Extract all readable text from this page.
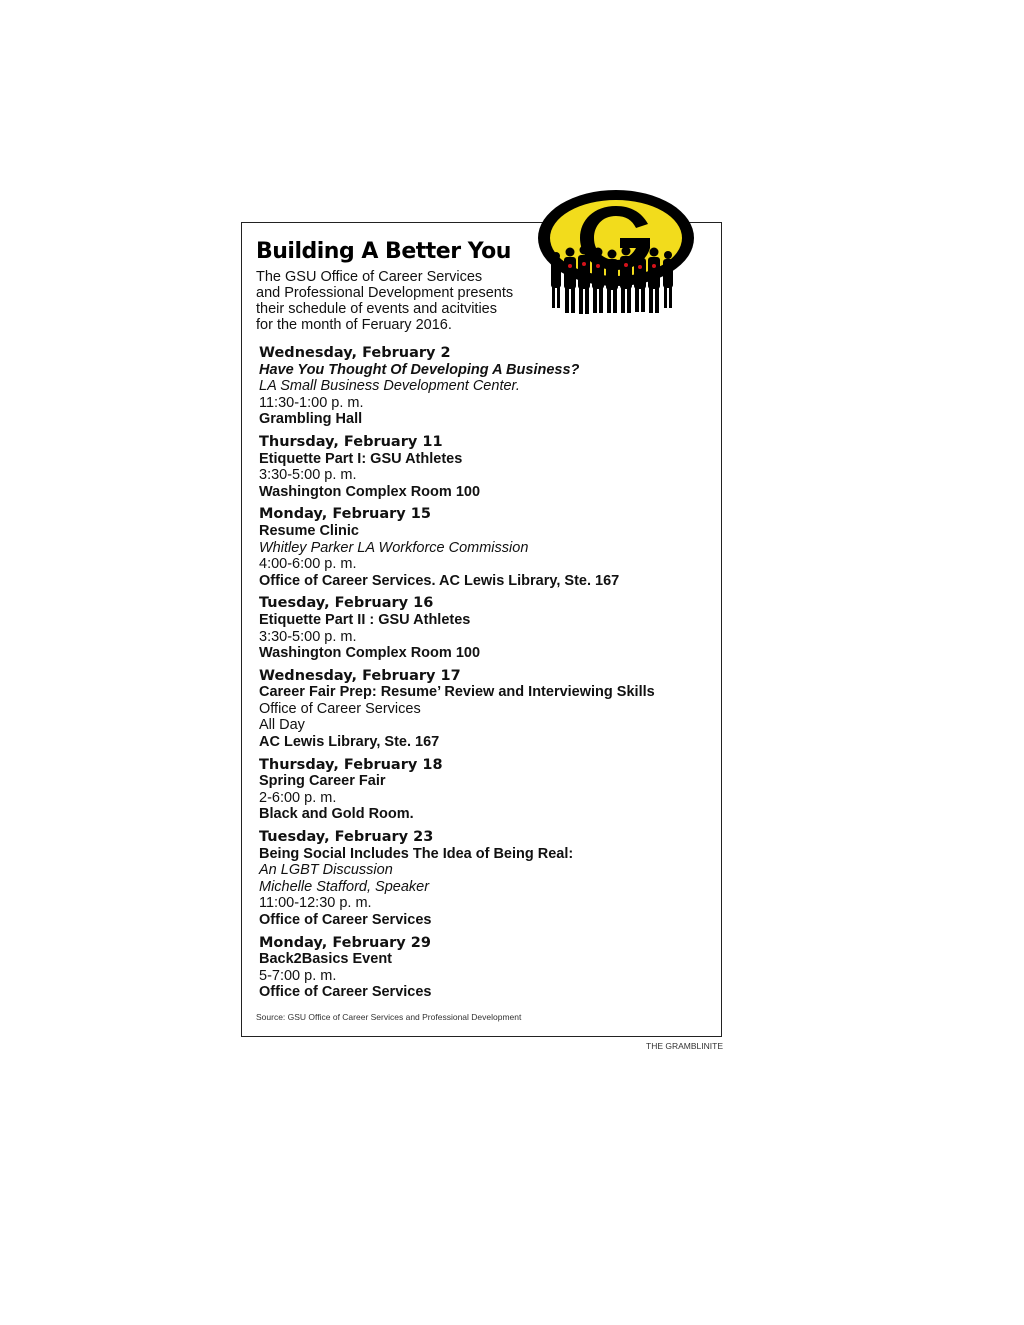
Building A Better You
The GSU Office of Career Services
and Professional Development presents
their schedule of events and acitvities
for the month of Feruary 2016.
Wednesday, February 2
Have You Thought Of Developing A Business?
LA Small Business Development Center.
11:30-1:00 p. m.
Grambling Hall
Thursday, February 11
Etiquette Part I: GSU Athletes
3:30-5:00 p. m.
Washington Complex Room 100
Monday, February 15
Resume Clinic
Whitley Parker LA Workforce Commission
4:00-6:00 p. m.
Office of Career Services. AC Lewis Library, Ste. 167
Tuesday, February 16
Etiquette Part II : GSU Athletes
3:30-5:00 p. m.
Washington Complex Room 100
Wednesday, February 17
Career Fair Prep: Resume’ Review and Interviewing Skills
Office of Career Services
All Day
AC Lewis Library, Ste. 167
Thursday, February 18
Spring Career Fair
2-6:00 p. m.
Black and Gold Room.
Tuesday, February 23
Being Social Includes The Idea of Being Real:
An LGBT Discussion
Michelle Stafford, Speaker
11:00-12:30 p. m.
Office of Career Services
Monday, February 29
Back2Basics Event
5-7:00 p. m.
Office of Career Services
Source: GSU Office of Career Services and Professional Development
THE GRAMBLINITE
